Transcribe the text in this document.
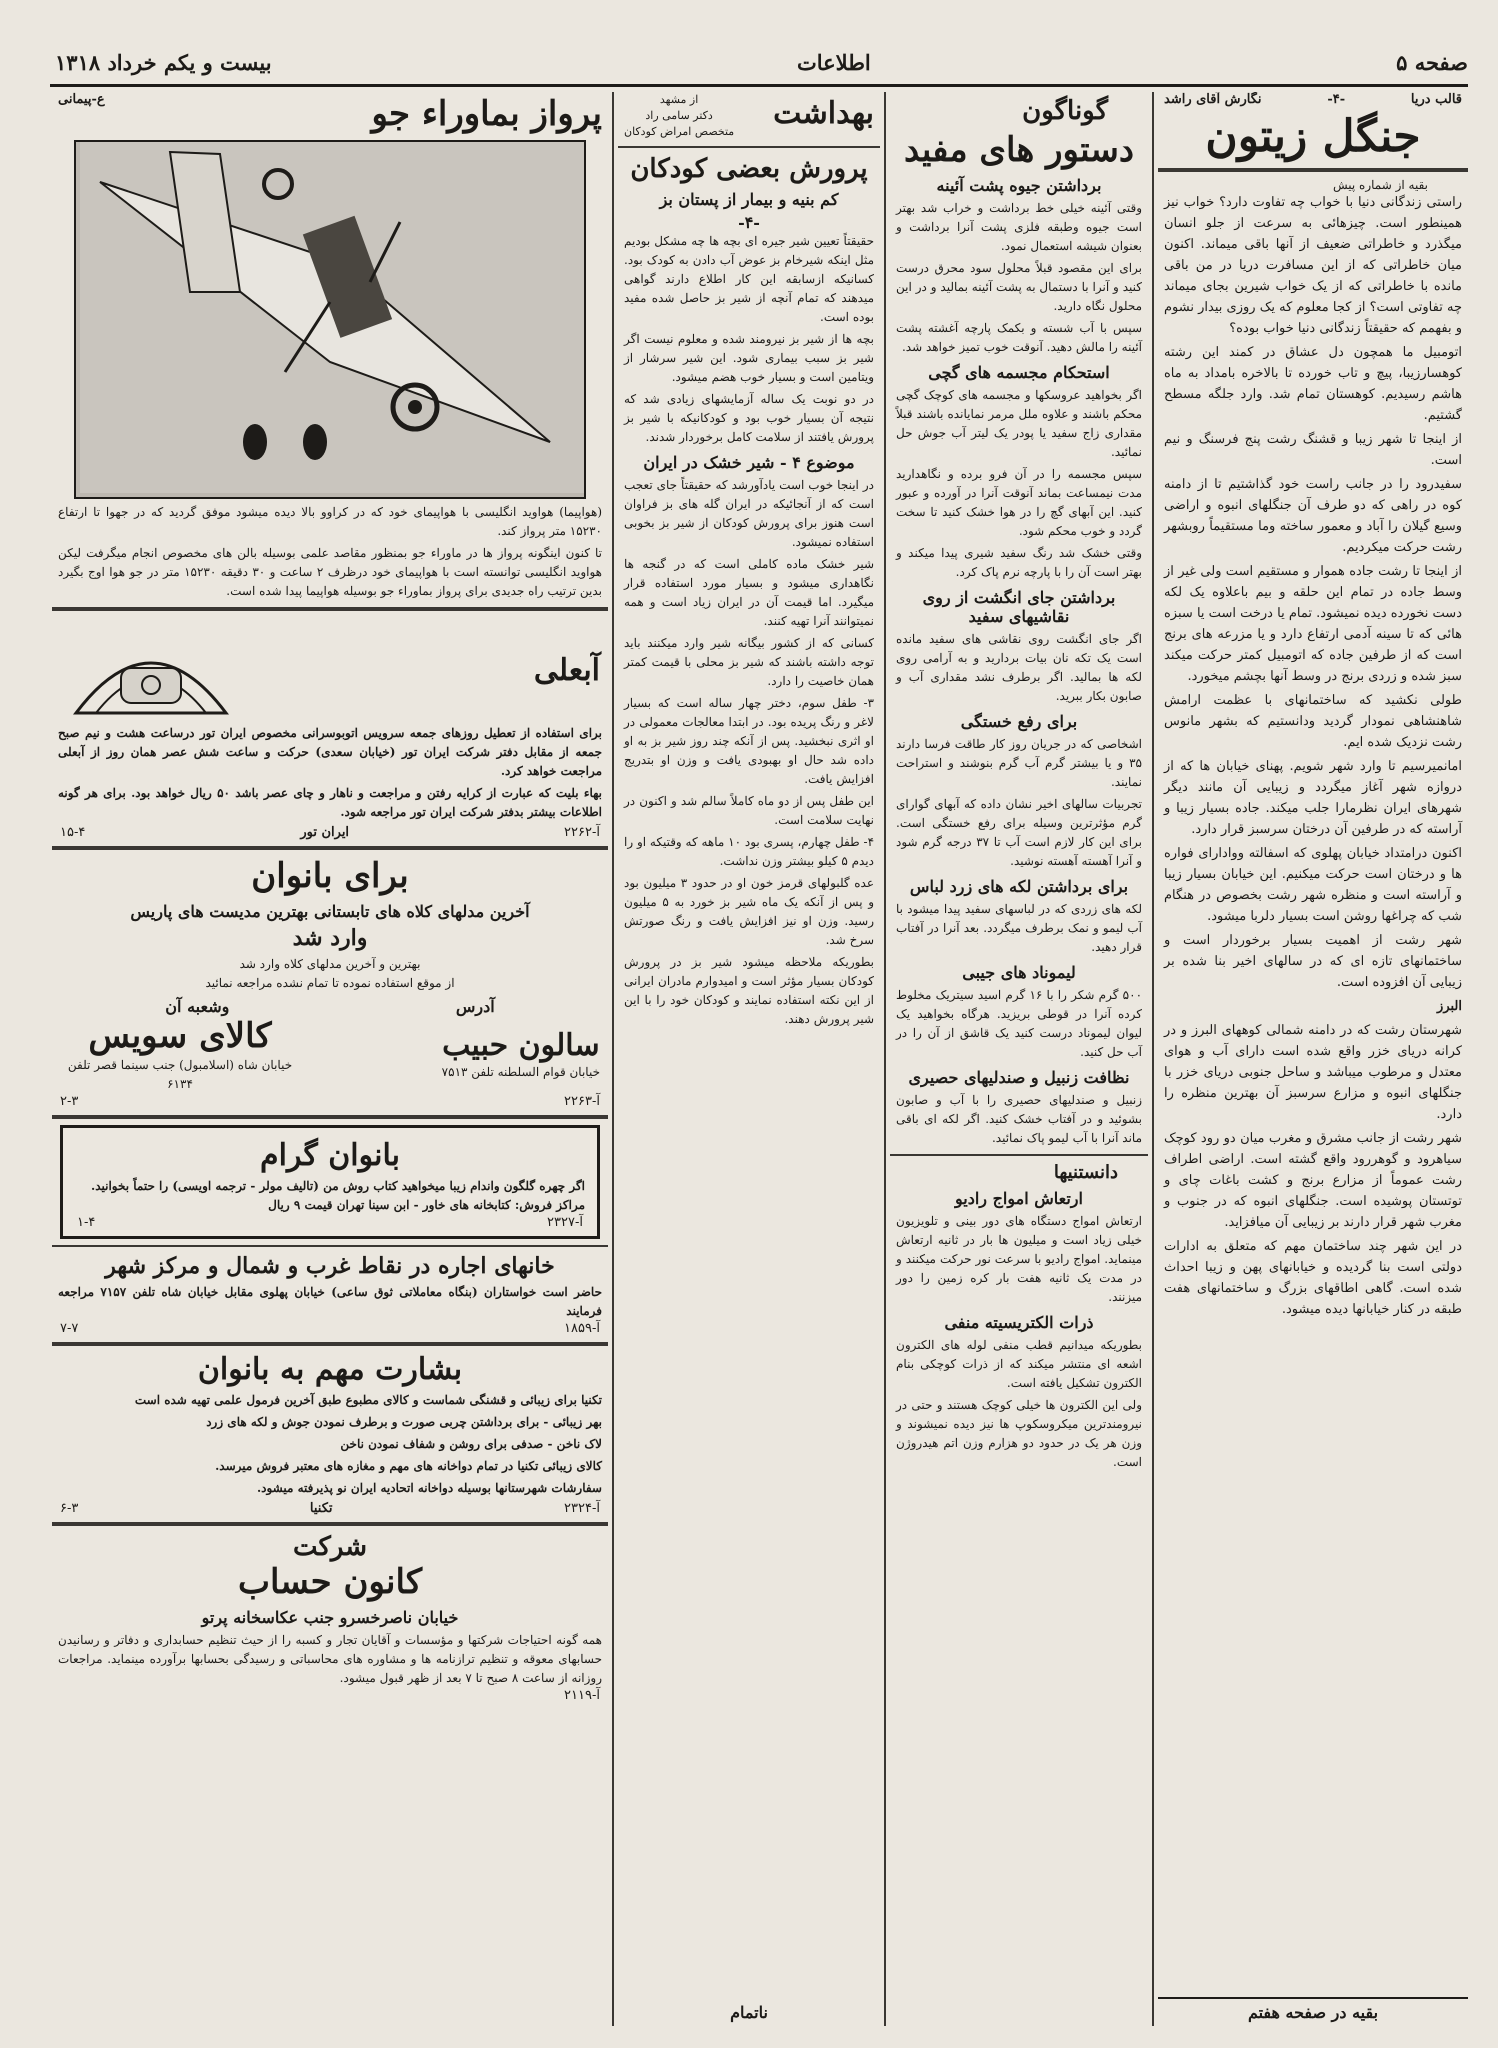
صفحه ۵
اطلاعات
بیست و یکم خرداد ۱۳۱۸
قالب دریا
-۴-
نگارش آقای راشد
جنگل زیتون
بقیه از شماره پیش

راستی زندگانی دنیا با خواب چه تفاوت دارد؟ خواب نیز همینطور است. چیزهائی به سرعت از جلو انسان میگذرد و خاطراتی ضعیف از آنها باقی میماند. اکنون میان خاطراتی که از این مسافرت دریا در من باقی مانده با خاطراتی که از یک خواب شیرین بجای میماند چه تفاوتی است؟ از کجا معلوم که یک روزی بیدار نشوم و بفهمم که حقیقتاً زندگانی دنیا خواب بوده؟

اتومبیل ما همچون دل عشاق در کمند این رشته کوهسارزیبا، پیچ و تاب خورده تا بالاخره بامداد به ماه هاشم رسیدیم. کوهستان تمام شد. وارد جلگه مسطح گشتیم.

از اینجا تا شهر زیبا و قشنگ رشت پنج فرسنگ و نیم است.

سفیدرود را در جانب راست خود گذاشتیم تا از دامنه کوه در راهی که دو طرف آن جنگلهای انبوه و اراضی وسیع گیلان را آباد و معمور ساخته وما مستقیماً روبشهر رشت حرکت میکردیم.

از اینجا تا رشت جاده هموار و مستقیم است ولی غیر از وسط جاده در تمام این حلقه و بیم باعلاوه یک لکه دست نخورده دیده نمیشود. تمام یا درخت است یا سبزه هائی که تا سینه آدمی ارتفاع دارد و یا مزرعه های برنج است که از طرفین جاده که اتومبیل کمتر حرکت میکند سبز شده و زردی برنج در وسط آنها بچشم میخورد.

طولی نکشید که ساختمانهای با عظمت ارامش شاهنشاهی نمودار گردید ودانستیم که بشهر مانوس رشت نزدیک شده ایم.

امانمیرسیم تا وارد شهر شویم. پهنای خیابان ها که از دروازه شهر آغاز میگردد و زیبایی آن مانند دیگر شهرهای ایران نظرمارا جلب میکند. جاده بسیار زیبا و آراسته که در طرفین آن درختان سرسبز قرار دارد.

اکنون درامتداد خیابان پهلوی که اسفالته ووادارای فواره ها و درختان است حرکت میکنیم. این خیابان بسیار زیبا و آراسته است و منظره شهر رشت بخصوص در هنگام شب که چراغها روشن است بسیار دلربا میشود.

شهر رشت از اهمیت بسیار برخوردار است و ساختمانهای تازه ای که در سالهای اخیر بنا شده بر زیبایی آن افزوده است.

البرز

شهرستان رشت که در دامنه شمالی کوههای البرز و در کرانه دریای خزر واقع شده است دارای آب و هوای معتدل و مرطوب میباشد و ساحل جنوبی دریای خزر با جنگلهای انبوه و مزارع سرسبز آن بهترین منظره را دارد.

شهر رشت از جانب مشرق و مغرب میان دو رود کوچک سیاهرود و گوهررود واقع گشته است. اراضی اطراف رشت عموماً از مزارع برنج و کشت باغات چای و توتستان پوشیده است. جنگلهای انبوه که در جنوب و مغرب شهر قرار دارند بر زیبایی آن میافزاید.

در این شهر چند ساختمان مهم که متعلق به ادارات دولتی است بنا گردیده و خیابانهای پهن و زیبا احداث شده است. گاهی اطاقهای بزرگ و ساختمانهای هفت طبقه در کنار خیابانها دیده میشود.

بقیه در صفحه هفتم
گوناگون
دستور های مفید
برداشتن جیوه پشت آئینه

وقتی آئینه خیلی خط برداشت و خراب شد بهتر است جیوه وطبقه فلزی پشت آنرا برداشت و بعنوان شیشه استعمال نمود.

برای این مقصود قبلاً محلول سود محرق درست کنید و آنرا با دستمال به پشت آئینه بمالید و در این محلول نگاه دارید.

سپس با آب شسته و بکمک پارچه آغشته پشت آئینه را مالش دهید. آنوقت خوب تمیز خواهد شد.

استحکام مجسمه های گچی

اگر بخواهید عروسکها و مجسمه های کوچک گچی محکم باشند و علاوه ملل مرمر نمایانده باشند قبلاً مقداری زاج سفید یا پودر یک لیتر آب جوش حل نمائید.

سپس مجسمه را در آن فرو برده و نگاهدارید مدت نیمساعت بماند آنوقت آنرا در آورده و عبور کنید. این آبهای گچ را در هوا خشک کنید تا سخت گردد و خوب محکم شود.

وقتی خشک شد رنگ سفید شیری پیدا میکند و بهتر است آن را با پارچه نرم پاک کرد.

برداشتن جای انگشت از روی نقاشیهای سفید

اگر جای انگشت روی نقاشی های سفید مانده است یک تکه نان بیات بردارید و به آرامی روی لکه ها بمالید. اگر برطرف نشد مقداری آب و صابون بکار ببرید.

برای رفع خستگی

اشخاصی که در جریان روز کار طاقت فرسا دارند ۳۵ و یا بیشتر گرم آب گرم بنوشند و استراحت نمایند.

تجربیات سالهای اخیر نشان داده که آبهای گوارای گرم مؤثرترین وسیله برای رفع خستگی است. برای این کار لازم است آب تا ۳۷ درجه گرم شود و آنرا آهسته آهسته نوشید.

برای برداشتن لکه های زرد لباس

لکه های زردی که در لباسهای سفید پیدا میشود با آب لیمو و نمک برطرف میگردد. بعد آنرا در آفتاب قرار دهید.

لیموناد های جیبی

۵۰۰ گرم شکر را با ۱۶ گرم اسید سیتریک مخلوط کرده آنرا در قوطی بریزید. هرگاه بخواهید یک لیوان لیموناد درست کنید یک قاشق از آن را در آب حل کنید.

نظافت زنبیل و صندلیهای حصیری

زنبیل و صندلیهای حصیری را با آب و صابون بشوئید و در آفتاب خشک کنید. اگر لکه ای باقی ماند آنرا با آب لیمو پاک نمائید.

دانستنیها
ارتعاش امواج رادیو

ارتعاش امواج دستگاه های دور بینی و تلویزیون خیلی زیاد است و میلیون ها بار در ثانیه ارتعاش مینماید. امواج رادیو با سرعت نور حرکت میکنند و در مدت یک ثانیه هفت بار کره زمین را دور میزنند.

ذرات الکتریسیته منفی

بطوریکه میدانیم قطب منفی لوله های الکترون اشعه ای منتشر میکند که از ذرات کوچکی بنام الکترون تشکیل یافته است.

ولی این الکترون ها خیلی کوچک هستند و حتی در نیرومندترین میکروسکوپ ها نیز دیده نمیشوند و وزن هر یک در حدود دو هزارم وزن اتم هیدروژن است.

بهداشت
از مشهد
دکتر سامی راد
متخصص امراض کودکان
پرورش بعضی کودکان
کم بنیه و بیمار از پستان بز
-۴-

حقیقتاً تعیین شیر جیره ای بچه ها چه مشکل بودیم مثل اینکه شیرخام بز عوض آب دادن به کودک بود. کسانیکه ازسابقه این کار اطلاع دارند گواهی میدهند که تمام آنچه از شیر بز حاصل شده مفید بوده است.

بچه ها از شیر بز نیرومند شده و معلوم نیست اگر شیر بز سبب بیماری شود. این شیر سرشار از ویتامین است و بسیار خوب هضم میشود.

در دو نوبت یک ساله آزمایشهای زیادی شد که نتیجه آن بسیار خوب بود و کودکانیکه با شیر بز پرورش یافتند از سلامت کامل برخوردار شدند.

موضوع ۴ - شیر خشک در ایران

در اینجا خوب است یادآورشد که حقیقتاً جای تعجب است که از آنجائیکه در ایران گله های بز فراوان است هنوز برای پرورش کودکان از شیر بز بخوبی استفاده نمیشود.

شیر خشک ماده کاملی است که در گنجه ها نگاهداری میشود و بسیار مورد استفاده قرار میگیرد. اما قیمت آن در ایران زیاد است و همه نمیتوانند آنرا تهیه کنند.

کسانی که از کشور بیگانه شیر وارد میکنند باید توجه داشته باشند که شیر بز محلی با قیمت کمتر همان خاصیت را دارد.

۳- طفل سوم، دختر چهار ساله است که بسیار لاغر و رنگ پریده بود. در ابتدا معالجات معمولی در او اثری نبخشید. پس از آنکه چند روز شیر بز به او داده شد حال او بهبودی یافت و وزن او بتدریج افزایش یافت.

این طفل پس از دو ماه کاملاً سالم شد و اکنون در نهایت سلامت است.

۴- طفل چهارم، پسری بود ۱۰ ماهه که وقتیکه او را دیدم ۵ کیلو بیشتر وزن نداشت.

عده گلبولهای قرمز خون او در حدود ۳ میلیون بود و پس از آنکه یک ماه شیر بز خورد به ۵ میلیون رسید. وزن او نیز افزایش یافت و رنگ صورتش سرخ شد.

بطوریکه ملاحظه میشود شیر بز در پرورش کودکان بسیار مؤثر است و امیدوارم مادران ایرانی از این نکته استفاده نمایند و کودکان خود را با این شیر پرورش دهند.

ناتمام
پرواز بماوراء جو
ع-پیمانی

(هواپیما) هواوید انگلیسی با هواپیمای خود که در کراوو بالا دیده میشود موفق گردید که در جهوا تا ارتفاع ۱۵۲۳۰ متر پرواز کند.

تا کنون اینگونه پرواز ها در ماوراء جو بمنظور مقاصد علمی بوسیله بالن های مخصوص انجام میگرفت لیکن هواوید انگلیسی توانسته است با هواپیمای خود درظرف ۲ ساعت و ۳۰ دقیقه ۱۵۲۳۰ متر در جو هوا اوج بگیرد بدین ترتیب راه جدیدی برای پرواز بماوراء جو بوسیله هواپیما پیدا شده است.

آبعلی

برای استفاده از تعطیل روزهای جمعه سرویس اتوبوسرانی مخصوص ایران تور درساعت هشت و نیم صبح جمعه از مقابل دفتر شرکت ایران تور (خیابان سعدی) حرکت و ساعت شش عصر همان روز از آبعلی مراجعت خواهد کرد.

بهاء بلیت که عبارت از کرایه رفتن و مراجعت و ناهار و چای عصر باشد ۵۰ ریال خواهد بود. برای هر گونه اطلاعات بیشتر بدفتر شرکت ایران تور مراجعه شود.

آ-۲۲۶۲
ایران تور
۱۵-۴
برای بانوان
آخرین مدلهای کلاه های تابستانی بهترین مدیست های پاریس
وارد شد
بهترین و آخرین مدلهای کلاه وارد شد
از موقع استفاده نموده تا تمام نشده مراجعه نمائید
آدرس
وشعبه آن
سالون حبیب
خیابان قوام السلطنه تلفن ۷۵۱۳
کالای سویس
خیابان شاه (اسلامبول) جنب سینما قصر تلفن ۶۱۳۴
آ-۲۲۶۳
۲-۳
بانوان گرام
اگر چهره گلگون واندام زیبا میخواهید کتاب روش من (تالیف مولر - ترجمه اویسی) را حتماً بخوانید.
مراکز فروش: کتابخانه های خاور - ابن سینا تهران قیمت ۹ ریال
آ-۲۳۲۷
۱-۴
خانهای اجاره در نقاط غرب و شمال و مرکز شهر
حاضر است خواستاران (بنگاه معاملاتی ثوق ساعی) خیابان پهلوی مقابل خیابان شاه تلفن ۷۱۵۷ مراجعه فرمایند
آ-۱۸۵۹
۷-۷
بشارت مهم به بانوان

تکنیا برای زیبائی و قشنگی شماست و کالای مطبوع طبق آخرین فرمول علمی تهیه شده است

بهر زیبائی - برای برداشتن چربی صورت و برطرف نمودن جوش و لکه های زرد

لاک ناخن - صدفی برای روشن و شفاف نمودن ناخن

کالای زیبائی تکنیا در تمام دواخانه های مهم و مغازه های معتبر فروش میرسد.

سفارشات شهرستانها بوسیله دواخانه اتحادیه ایران نو پذیرفته میشود.

آ-۲۳۲۴
تکنیا
۶-۳
شرکت
کانون حساب
خیابان ناصرخسرو جنب عکاسخانه پرتو
همه گونه احتیاجات شرکتها و مؤسسات و آقایان تجار و کسبه را از حیث تنظیم حسابداری و دفاتر و رسانیدن حسابهای معوقه و تنظیم ترازنامه ها و مشاوره های محاسباتی و رسیدگی بحسابها برآورده مینماید. مراجعات روزانه از ساعت ۸ صبح تا ۷ بعد از ظهر قبول میشود.
آ-۲۱۱۹
